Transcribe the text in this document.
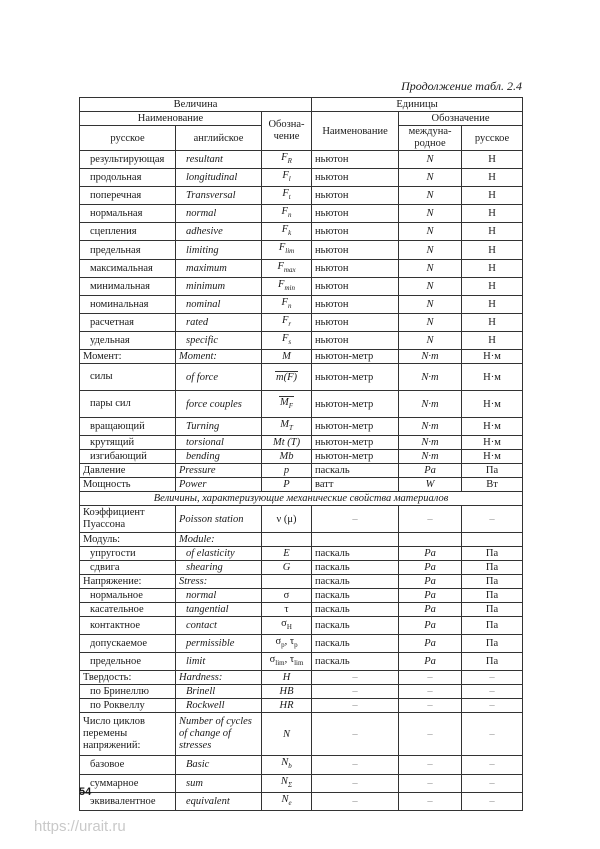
Продолжение табл. 2.4
Величина			Единицы		
Наименование		Обозна-чение	Наименование	Обозначение	
русское	английское			междуна-родное	русское
результирующая	resultant	$F_R$	ньютон	N	Н
продольная	longitudinal	$F_l$	ньютон	N	Н
поперечная	Transversal	$F_t$	ньютон	N	Н
нормальная	normal	$F_n$	ньютон	N	Н
сцепления	adhesive	$F_k$	ньютон	N	Н
предельная	limiting	$F_{lim}$	ньютон	N	Н
максимальная	maximum	$F_{max}$	ньютон	N	Н
минимальная	minimum	$F_{min}$	ньютон	N	Н
номинальная	nominal	$F_n$	ньютон	N	Н
расчетная	rated	$F_r$	ньютон	N	Н
удельная	specific	$F_s$	ньютон	N	Н
Момент:	Moment:	M	ньютон-метр	N·m	Н·м
силы	of force	m(F)	ньютон-метр	N·m	Н·м
пары сил	force couples	$M_F$	ньютон-метр	N·m	Н·м
вращающий	Turning	$M_T$	ньютон-метр	N·m	Н·м
крутящий	torsional	Mt (T)	ньютон-метр	N·m	Н·м
изгибающий	bending	Mb	ньютон-метр	N·m	Н·м
Давление	Pressure	p	паскаль	Pa	Па
Мощность	Power	P	ватт	W	Вт
Величины, характеризующие механические свойства материалов					
Коэффициент Пуассона	Poisson station	ν (μ)	–	–	–
Модуль:	Module:				
упругости	of elasticity	E	паскаль	Pa	Па
сдвига	shearing	G	паскаль	Pa	Па
Напряжение:	Stress:		паскаль	Pa	Па
нормальное	normal	σ	паскаль	Pa	Па
касательное	tangential	τ	паскаль	Pa	Па
контактное	contact	$\sigma_H$	паскаль	Pa	Па
допускаемое	permissible	$\sigma_p$, $\tau_p$	паскаль	Pa	Па
предельное	limit	$\sigma_{lim}$, $\tau_{lim}$	паскаль	Pa	Па
Твердость:	Hardness:	H	–	–	–
по Бринеллю	Brinell	HB	–	–	–
по Роквеллу	Rockwell	HR	–	–	–
Число циклов перемены напряжений:	Number of cycles of change of stresses	N	–	–	–
базовое	Basic	$N_b$	–	–	–
суммарное	sum	$N_\Sigma$	–	–	–
эквивалентное	equivalent	$N_e$	–	–	–
54
https://urait.ru
